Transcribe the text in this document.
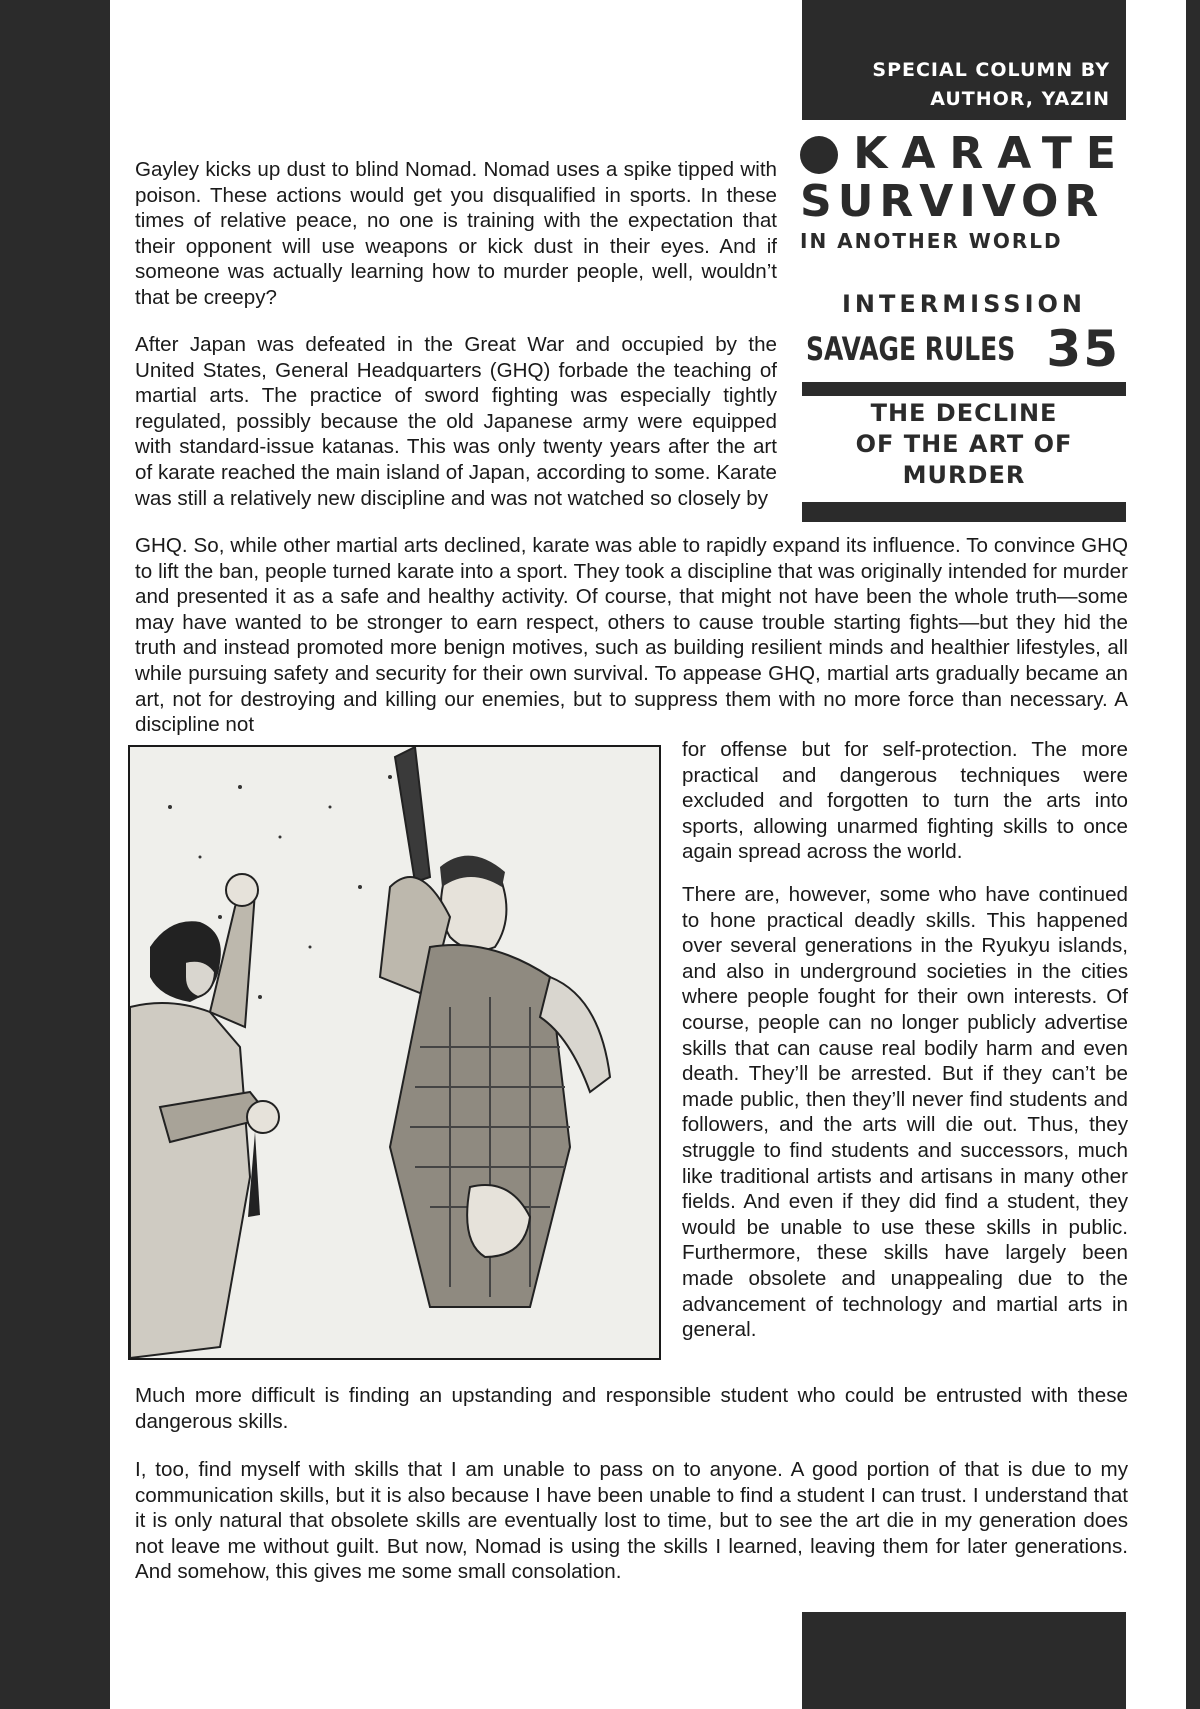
SPECIAL COLUMN BY
AUTHOR, YAZIN
KARATE
SURVIVOR
IN ANOTHER WORLD
INTERMISSION
SAVAGE RULES 35
THE DECLINE
OF THE ART OF
MURDER
Gayley kicks up dust to blind Nomad. Nomad uses a spike tipped with poison. These actions would get you disqualified in sports. In these times of relative peace, no one is training with the expectation that their opponent will use weapons or kick dust in their eyes. And if someone was actually learning how to murder people, well, wouldn’t that be creepy?
After Japan was defeated in the Great War and occupied by the United States, General Headquarters (GHQ) forbade the teaching of martial arts. The practice of sword fighting was especially tightly regulated, possibly because the old Japanese army were equipped with standard-issue katanas. This was only twenty years after the art of karate reached the main island of Japan, according to some. Karate was still a relatively new discipline and was not watched so closely by
GHQ. So, while other martial arts declined, karate was able to rapidly expand its influence. To convince GHQ to lift the ban, people turned karate into a sport. They took a discipline that was originally intended for murder and presented it as a safe and healthy activity. Of course, that might not have been the whole truth—some may have wanted to be stronger to earn respect, others to cause trouble starting fights—but they hid the truth and instead promoted more benign motives, such as building resilient minds and healthier lifestyles, all while pursuing safety and security for their own survival. To appease GHQ, martial arts gradually became an art, not for destroying and killing our enemies, but to suppress them with no more force than necessary. A discipline not
for offense but for self-protection. The more practical and dangerous techniques were excluded and forgotten to turn the arts into sports, allowing unarmed fighting skills to once again spread across the world.
There are, however, some who have continued to hone practical deadly skills. This happened over several generations in the Ryukyu islands, and also in underground societies in the cities where people fought for their own interests. Of course, people can no longer publicly advertise skills that can cause real bodily harm and even death. They’ll be arrested. But if they can’t be made public, then they’ll never find students and followers, and the arts will die out. Thus, they struggle to find students and successors, much like traditional artists and artisans in many other fields. And even if they did find a student, they would be unable to use these skills in public. Furthermore, these skills have largely been made obsolete and unappealing due to the advancement of technology and martial arts in general.
Much more difficult is finding an upstanding and responsible student who could be entrusted with these dangerous skills.
I, too, find myself with skills that I am unable to pass on to anyone. A good portion of that is due to my communication skills, but it is also because I have been unable to find a student I can trust. I understand that it is only natural that obsolete skills are eventually lost to time, but to see the art die in my generation does not leave me without guilt. But now, Nomad is using the skills I learned, leaving them for later generations. And somehow, this gives me some small consolation.
